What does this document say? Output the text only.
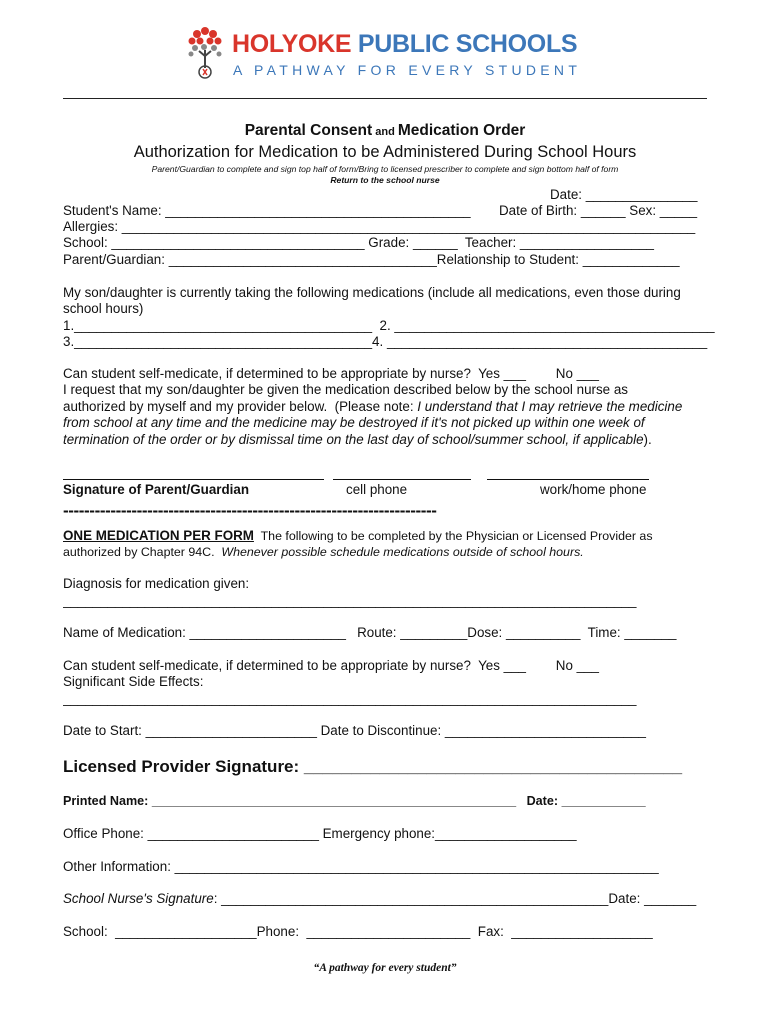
HOLYOKE PUBLIC SCHOOLS
A PATHWAY FOR EVERY STUDENT
Parental Consent and Medication Order
Authorization for Medication to be Administered During School Hours
Parent/Guardian to complete and sign top half of form/Bring to licensed prescriber to complete and sign bottom half of form
Return to the school nurse
Date: _______________
Student's Name: _________________________________________ Date of Birth: ______ Sex: _____
Allergies: _____________________________________________________________________________
School: __________________________________ Grade: ______  Teacher: __________________
Parent/Guardian: ____________________________________Relationship to Student: _____________
My son/daughter is currently taking the following medications (include all medications, even those during
school hours)
1.________________________________________  2. ___________________________________________
3.________________________________________4. ___________________________________________
Can student self-medicate, if determined to be appropriate by nurse?  Yes ___        No ___
I request that my son/daughter be given the medication described below by the school nurse as
authorized by myself and my provider below.  (Please note: I understand that I may retrieve the medicine
from school at any time and the medicine may be destroyed if it's not picked up within one week of
termination of the order or by dismissal time on the last day of school/summer school, if applicable).
Signature of Parent/Guardian	cell phone	work/home phone
-----------------------------------------------------------------------
ONE MEDICATION PER FORM  The following to be completed by the Physician or Licensed Provider as
authorized by Chapter 94C.  Whenever possible schedule medications outside of school hours.
Diagnosis for medication given:
_____________________________________________________________________________
Name of Medication: _____________________   Route: _________Dose: __________  Time: _______
Can student self-medicate, if determined to be appropriate by nurse?  Yes ___        No ___
Significant Side Effects:
_____________________________________________________________________________
Date to Start: _______________________ Date to Discontinue: ___________________________
Licensed Provider Signature: ________________________________________
Printed Name: ____________________________________________________   Date: ____________
Office Phone: _______________________ Emergency phone:___________________
Other Information: _________________________________________________________________
School Nurse's Signature: ____________________________________________________Date: _______
School:  ___________________Phone:  ______________________  Fax:  ___________________
“A pathway for every student”
